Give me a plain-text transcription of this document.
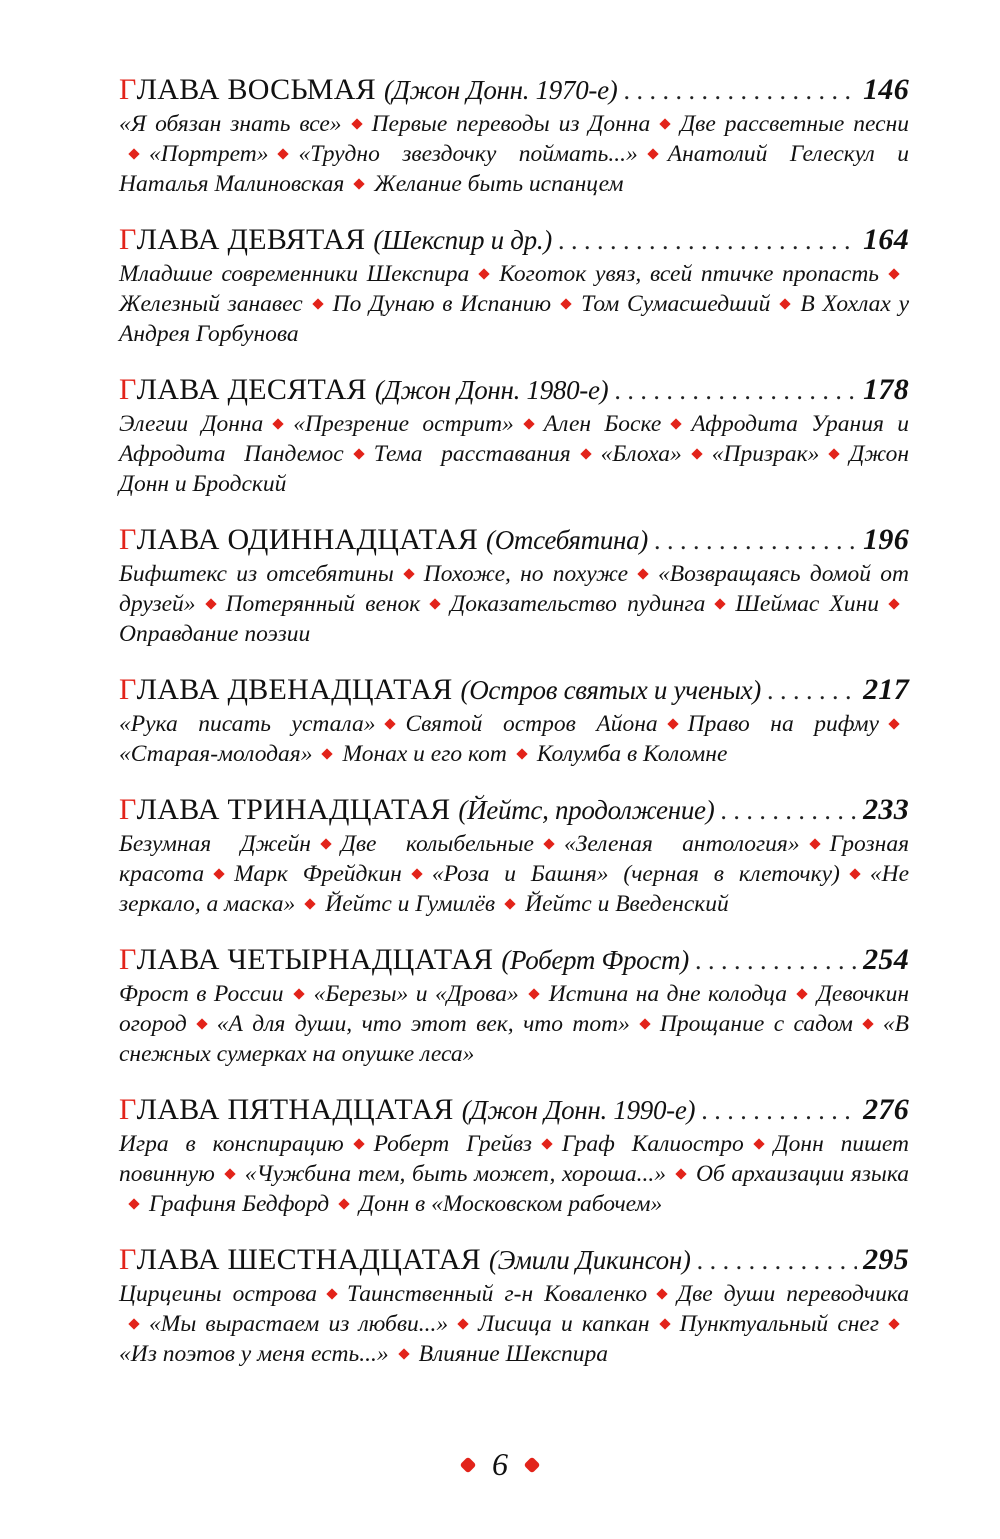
Г ЛАВА ВОСЬМАЯ (Джон Донн. 1970-е) . . .	146
«Я обязан знать все» Первые переводы из Донна Две рассветные песни«Портрет» «Трудно звездочку поймать...» Анатолий Гелескул и Наталья Малиновская Желание быть испанцем
Г ЛАВА ДЕВЯТАЯ (Шекспир и др.) . . .	164
Младшие современники Шекспира Коготок увяз, всей птичке пропастьЖелезный занавес По Дунаю в Испанию Том Сумасшедший В Хохлах у Андрея Горбунова
Г ЛАВА ДЕСЯТАЯ (Джон Донн. 1980-е) . . .	178
Элегии Донна «Презрение острит» Ален Боске Афродита Урания и Афродита Пандемос Тема расставания «Блоха» «Призрак» Джон Донн и Бродский
Г ЛАВА ОДИННАДЦАТАЯ (Отсебятина) . . .	196
Бифштекс из отсебятины Похоже, но похуже «Возвращаясь домой от друзей» Потерянный венок Доказательство пудинга Шеймас ХиниОправдание поэзии
Г ЛАВА ДВЕНАДЦАТАЯ (Остров святых и ученых) . . .	217
«Рука писать устала» Святой остров Айона Право на рифму«Старая-молодая» Монах и его кот Колумба в Коломне
Г ЛАВА ТРИНАДЦАТАЯ (Йейтс, продолжение) . . .	233
Безумная Джейн Две колыбельные «Зеленая антология» Грозная красота Марк Фрейдкин «Роза и Башня» (черная в клеточку) «Не зеркало, а маска» Йейтс и Гумилёв Йейтс и Введенский
Г ЛАВА ЧЕТЫРНАДЦАТАЯ (Роберт Фрост) . . .	254
Фрост в России «Березы» и «Дрова» Истина на дне колодца Девочкин огород «А для души, что этот век, что тот» Прощание с садом «В снежных сумерках на опушке леса»
Г ЛАВА ПЯТНАДЦАТАЯ (Джон Донн. 1990-е) . . .	276
Игра в конспирацию Роберт Грейвз Граф Калиостро Донн пишет повинную «Чужбина тем, быть может, хороша...» Об архаизации языкаГрафиня Бедфорд Донн в «Московском рабочем»
Г ЛАВА ШЕСТНАДЦАТАЯ (Эмили Дикинсон) . . .	295
Цирцеины острова Таинственный г-н Коваленко Две души переводчика«Мы вырастаем из любви...» Лисица и капкан Пунктуальный снег«Из поэтов у меня есть...» Влияние Шекспира
6
